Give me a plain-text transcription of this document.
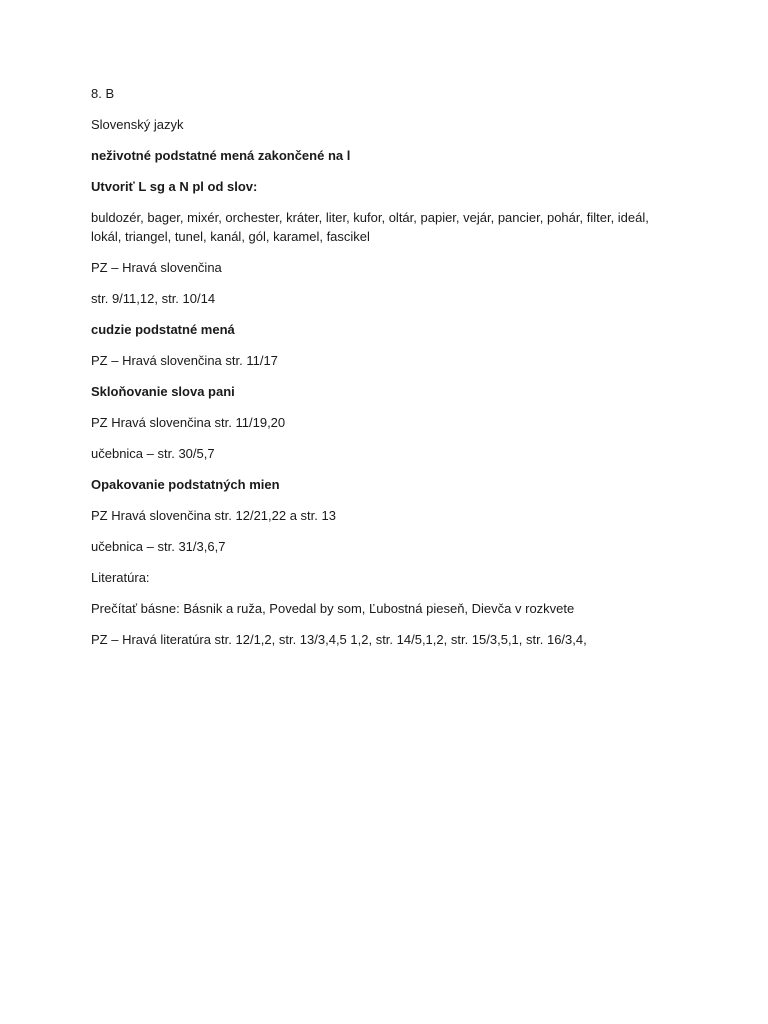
8. B

Slovenský jazyk

neživotné podstatné mená zakončené na l

Utvoriť L sg a N pl od slov:

buldozér, bager, mixér, orchester, kráter, liter, kufor, oltár, papier, vejár, pancier, pohár, filter, ideál, lokál, triangel, tunel, kanál, gól, karamel, fascikel

PZ – Hravá slovenčina

str. 9/11,12, str. 10/14

cudzie podstatné mená

PZ – Hravá slovenčina str. 11/17

Skloňovanie slova pani

PZ Hravá slovenčina str. 11/19,20

učebnica – str. 30/5,7

Opakovanie podstatných mien

PZ Hravá slovenčina str. 12/21,22 a str. 13

učebnica – str. 31/3,6,7

Literatúra:

Prečítať básne: Básnik a ruža, Povedal by som, Ľubostná pieseň, Dievča v rozkvete

PZ – Hravá literatúra str. 12/1,2, str. 13/3,4,5 1,2, str. 14/5,1,2, str. 15/3,5,1, str. 16/3,4,
